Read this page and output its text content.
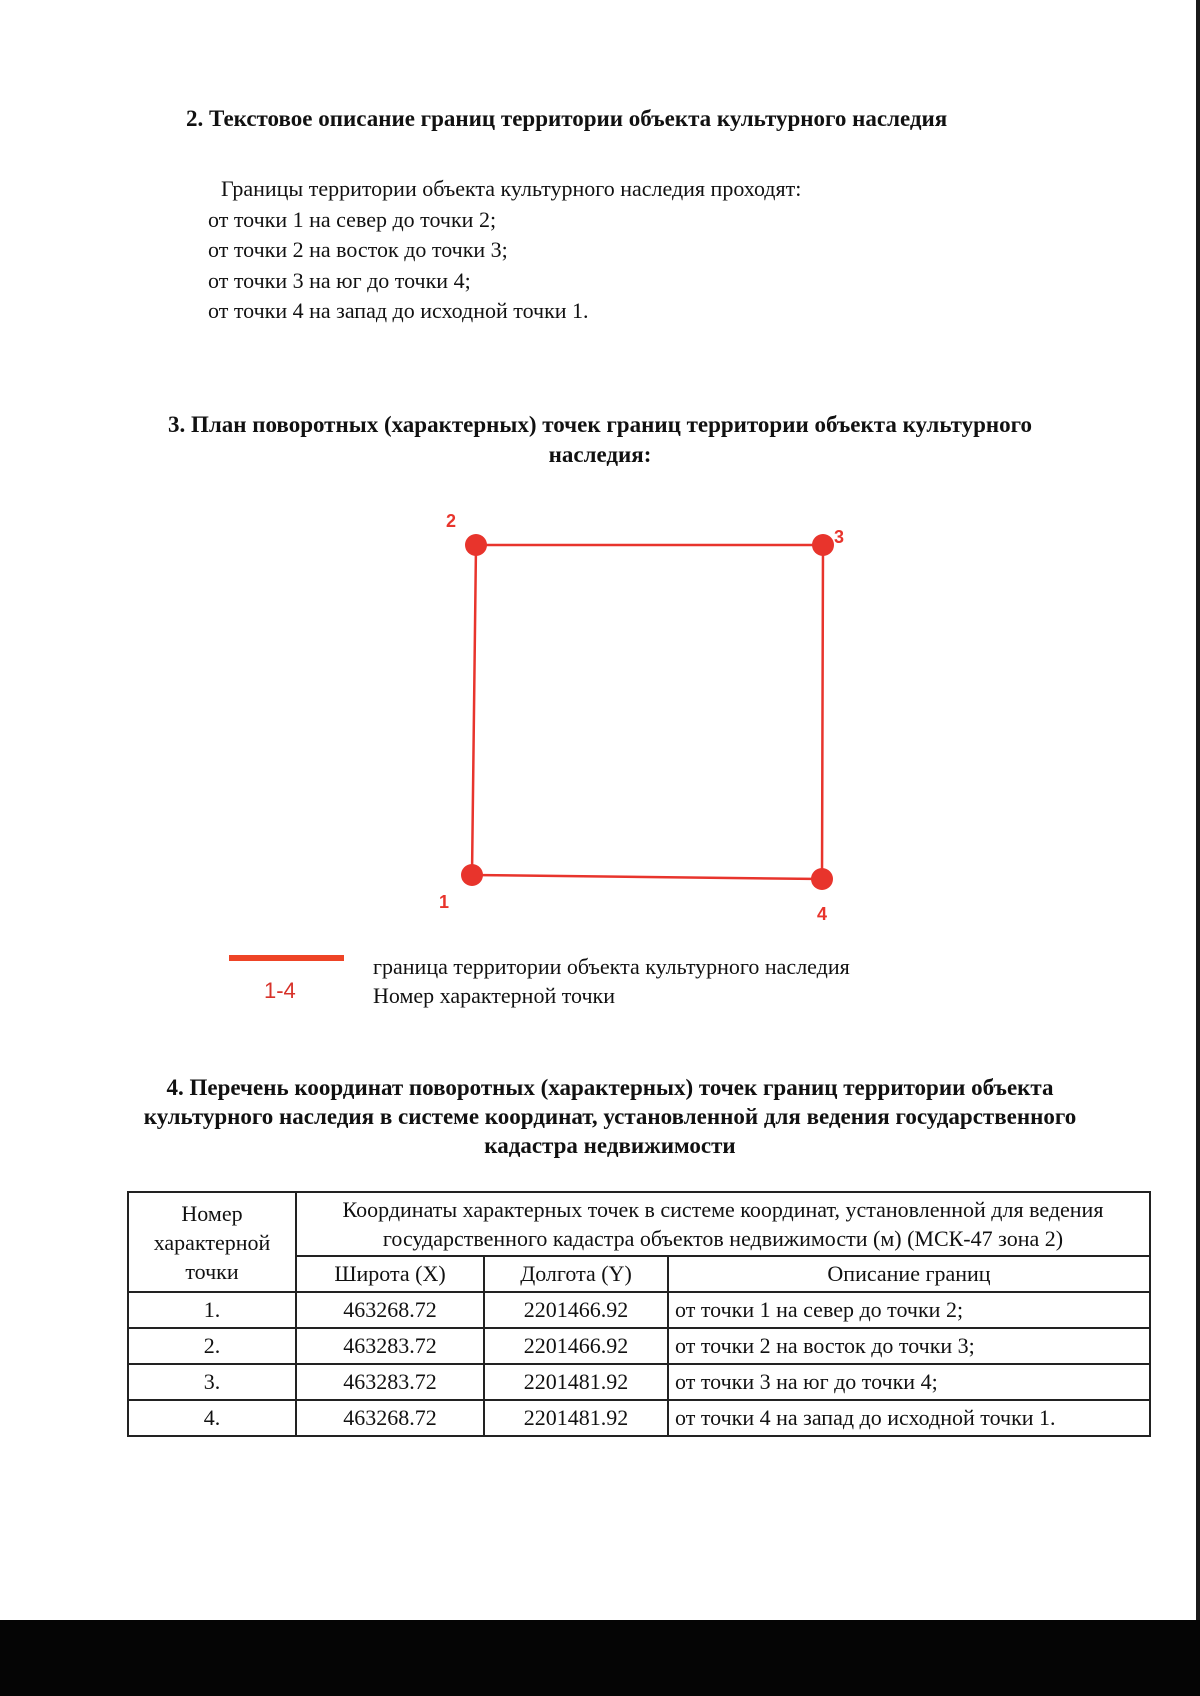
2. Текстовое описание границ территории объекта культурного наследия
Границы территории объекта культурного наследия проходят:
от точки 1 на север до точки 2;
от точки 2 на восток до точки 3;
от точки 3 на юг до точки 4;
от точки 4 на запад до исходной точки 1.
3. План поворотных (характерных) точек границ территории объекта культурного наследия:
2
3
1
4
граница территории объекта культурного наследия
1-4	Номер характерной точки
4. Перечень координат поворотных (характерных) точек границ территории объекта культурного наследия в системе координат, установленной для ведения государственного кадастра недвижимости
Номер характерной точки	Координаты характерных точек в системе координат, установленной для ведения государственного кадастра объектов недвижимости (м) (МСК-47 зона 2)		
	Широта (X)	Долгота (Y)	Описание границ
1.	463268.72	2201466.92	от точки 1 на север до точки 2;
2.	463283.72	2201466.92	от точки 2 на восток до точки 3;
3.	463283.72	2201481.92	от точки 3 на юг до точки 4;
4.	463268.72	2201481.92	от точки 4 на запад до исходной точки 1.
